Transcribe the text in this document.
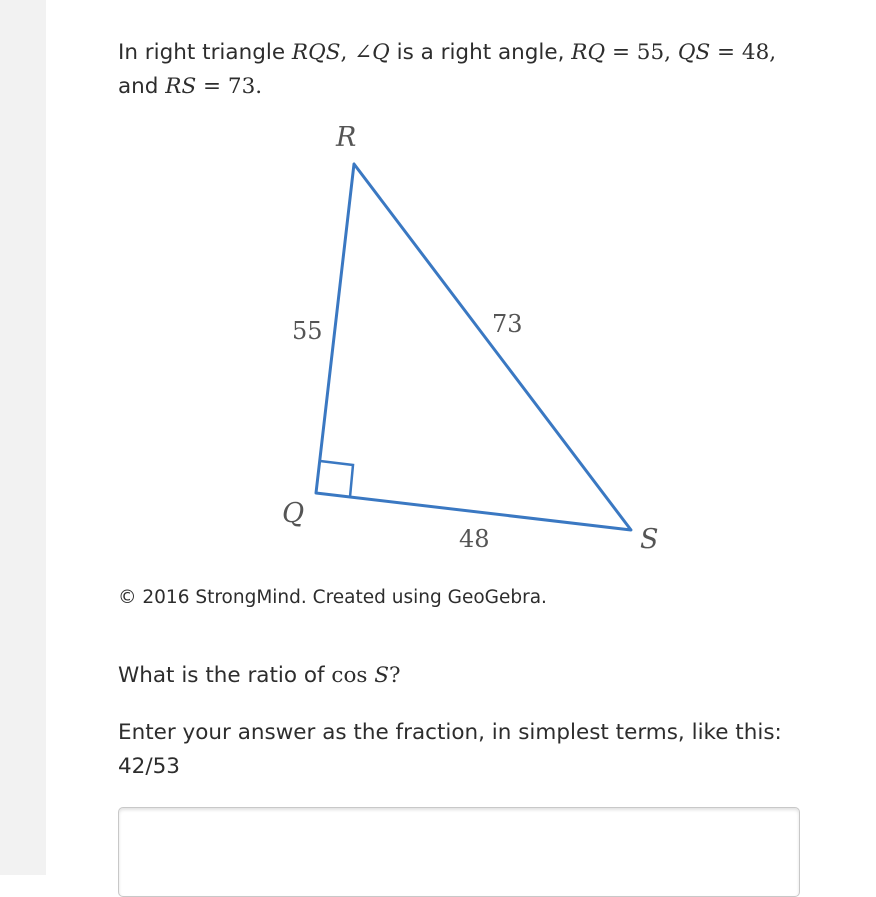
In right triangle RQS, ∠Q is a right angle, RQ = 55, QS = 48,
and RS = 73.
R
Q
S
55	73
48
© 2016 StrongMind. Created using GeoGebra.
What is the ratio of cos S?
Enter your answer as the fraction, in simplest terms, like this:
42/53
